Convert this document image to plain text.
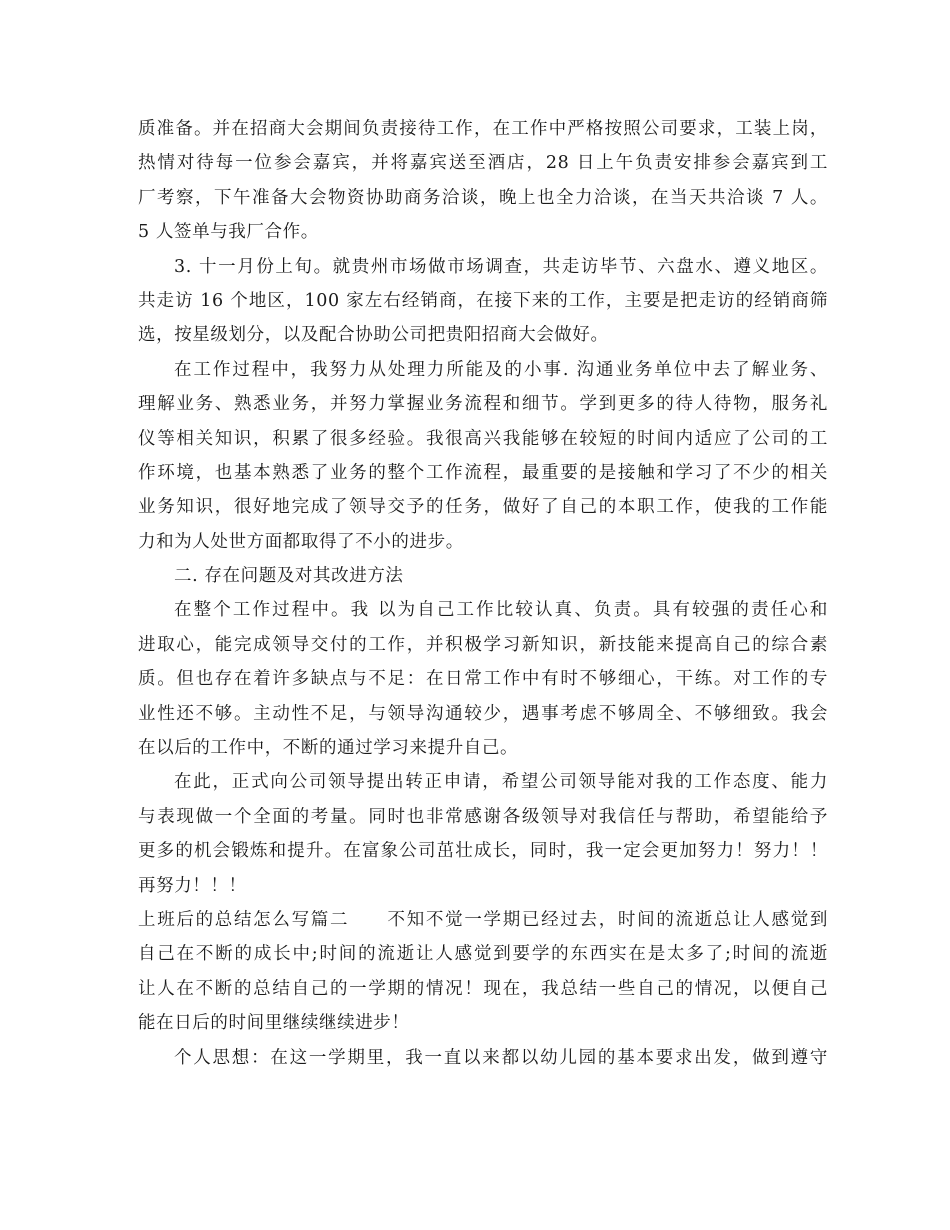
质准备。并在招商大会期间负责接待工作，在工作中严格按照公司要求，工装上岗，
热情对待每一位参会嘉宾，并将嘉宾送至酒店，28 日上午负责安排参会嘉宾到工
厂考察，下午准备大会物资协助商务洽谈，晚上也全力洽谈，在当天共洽谈 7 人。
5 人签单与我厂合作。
3. 十一月份上旬。就贵州市场做市场调查，共走访毕节、六盘水、遵义地区。
共走访 16 个地区，100 家左右经销商，在接下来的工作，主要是把走访的经销商筛
选，按星级划分，以及配合协助公司把贵阳招商大会做好。
在工作过程中，我努力从处理力所能及的小事. 沟通业务单位中去了解业务、
理解业务、熟悉业务，并努力掌握业务流程和细节。学到更多的待人待物，服务礼
仪等相关知识，积累了很多经验。我很高兴我能够在较短的时间内适应了公司的工
作环境，也基本熟悉了业务的整个工作流程，最重要的是接触和学习了不少的相关
业务知识，很好地完成了领导交予的任务，做好了自己的本职工作，使我的工作能
力和为人处世方面都取得了不小的进步。
二. 存在问题及对其改进方法
在整个工作过程中。我 以为自己工作比较认真、负责。具有较强的责任心和
进取心，能完成领导交付的工作，并积极学习新知识，新技能来提高自己的综合素
质。但也存在着许多缺点与不足：在日常工作中有时不够细心，干练。对工作的专
业性还不够。主动性不足，与领导沟通较少，遇事考虑不够周全、不够细致。我会
在以后的工作中，不断的通过学习来提升自己。
在此，正式向公司领导提出转正申请，希望公司领导能对我的工作态度、能力
与表现做一个全面的考量。同时也非常感谢各级领导对我信任与帮助，希望能给予
更多的机会锻炼和提升。在富象公司茁壮成长，同时，我一定会更加努力！努力！！
再努力！！！
上班后的总结怎么写篇二　　不知不觉一学期已经过去，时间的流逝总让人感觉到
自己在不断的成长中;时间的流逝让人感觉到要学的东西实在是太多了;时间的流逝
让人在不断的总结自己的一学期的情况！现在，我总结一些自己的情况，以便自己
能在日后的时间里继续继续进步！
个人思想：在这一学期里，我一直以来都以幼儿园的基本要求出发，做到遵守
